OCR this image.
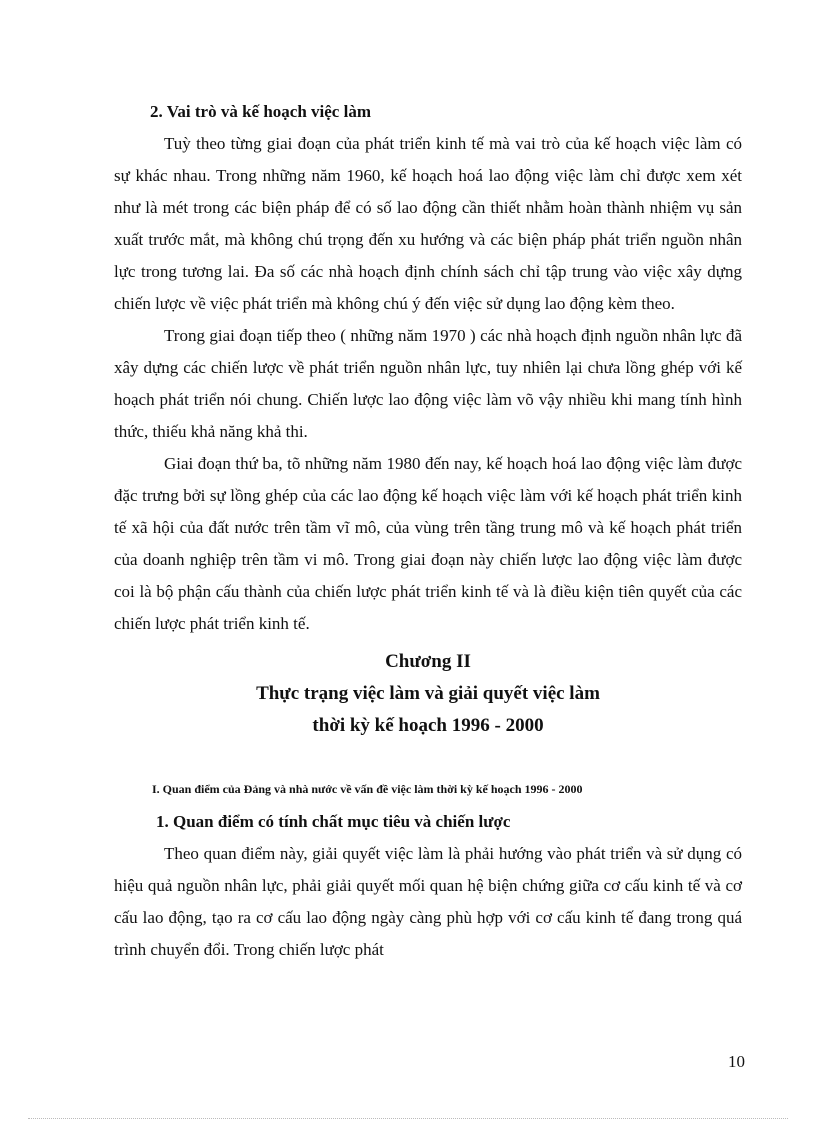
2. Vai trò và kế hoạch việc làm

Tuỳ theo từng giai đoạn của phát triển kinh tế mà vai trò của kế hoạch việc làm có sự khác nhau. Trong những năm 1960, kế hoạch hoá lao động việc làm chỉ được xem xét như là mét trong các biện pháp để có số lao động cần thiết nhằm hoàn thành nhiệm vụ sản xuất trước mắt, mà không chú trọng đến xu hướng và các biện pháp phát triển nguồn nhân lực trong tương lai. Đa số các nhà hoạch định chính sách chỉ tập trung vào việc xây dựng chiến lược về việc phát triển mà không chú ý đến việc sử dụng lao động kèm theo.

Trong giai đoạn tiếp theo ( những năm 1970 ) các nhà hoạch định nguồn nhân lực đã xây dựng các chiến lược về phát triển nguồn nhân lực, tuy nhiên lại chưa lồng ghép với kế hoạch phát triển nói chung. Chiến lược lao động việc làm võ vậy nhiều khi mang tính hình thức, thiếu khả năng khả thi.

Giai đoạn thứ ba, tõ những năm 1980 đến nay, kế hoạch hoá lao động việc làm được đặc trưng bởi sự lồng ghép của các lao động kế hoạch việc làm với kế hoạch phát triển kinh tế xã hội của đất nước trên tầm vĩ mô, của vùng trên tầng trung mô và kế hoạch phát triển của doanh nghiệp trên tầm vi mô. Trong giai đoạn này chiến lược lao động việc làm được coi là bộ phận cấu thành của chiến lược phát triển kinh tế và là điều kiện tiên quyết của các chiến lược phát triển kinh tế.

Chương II

Thực trạng việc làm và giải quyết việc làm

thời kỳ kế hoạch 1996 - 2000

I. Quan điểm của Đảng và nhà nước về vấn đề việc làm thời kỳ kế hoạch 1996 - 2000

1. Quan điểm có tính chất mục tiêu và chiến lược

Theo quan điểm này, giải quyết việc làm là phải hướng vào phát triển và sử dụng có hiệu quả nguồn nhân lực, phải giải quyết mối quan hệ biện chứng giữa cơ cấu kinh tế và cơ cấu lao động, tạo ra cơ cấu lao động ngày càng phù hợp với cơ cấu kinh tế đang trong quá trình chuyển đổi. Trong chiến lược phát

10
